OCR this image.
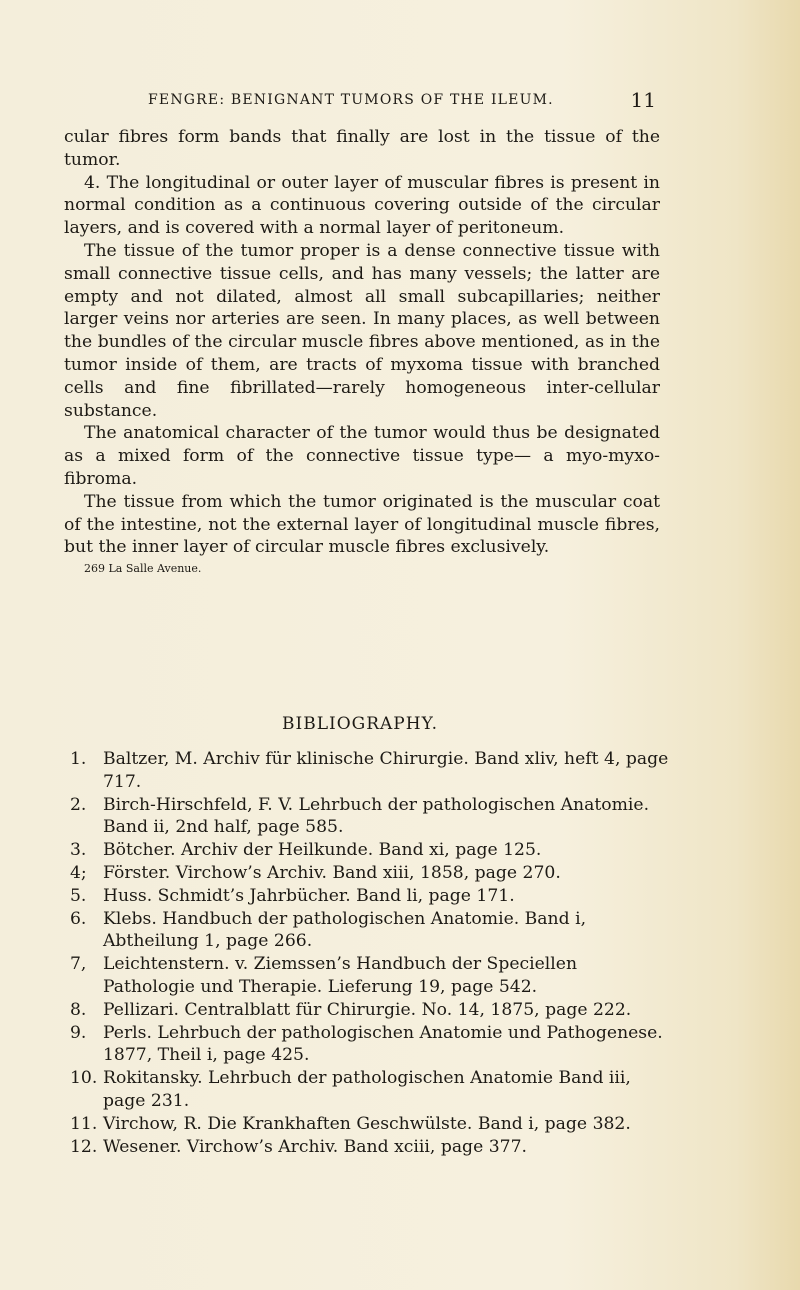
FENGRE: BENIGNANT TUMORS OF THE ILEUM.	11

cular fibres form bands that finally are lost in the tissue of the tumor.

4. The longitudinal or outer layer of muscular fibres is present in normal condition as a continuous covering outside of the circular layers, and is covered with a normal layer of peritoneum.

The tissue of the tumor proper is a dense connective tissue with small connective tissue cells, and has many vessels; the latter are empty and not dilated, almost all small subcapillaries; neither larger veins nor arteries are seen. In many places, as well between the bundles of the circular muscle fibres above mentioned, as in the tumor inside of them, are tracts of myxoma tissue with branched cells and fine fibrillated—rarely homogeneous inter-cellular substance.

The anatomical character of the tumor would thus be designated as a mixed form of the connective tissue type— a myo-myxo-fibroma.

The tissue from which the tumor originated is the muscular coat of the intestine, not the external layer of longitudinal muscle fibres, but the inner layer of circular muscle fibres exclusively.

269 La Salle Avenue.
BIBLIOGRAPHY.
1. Baltzer, M. Archiv für klinische Chirurgie. Band xliv, heft 4, page 717.
2. Birch-Hirschfeld, F. V. Lehrbuch der pathologischen Anatomie. Band ii, 2nd half, page 585.
3. Bötcher. Archiv der Heilkunde. Band xi, page 125.
4; Förster. Virchow’s Archiv. Band xiii, 1858, page 270.
5. Huss. Schmidt’s Jahrbücher. Band li, page 171.
6. Klebs. Handbuch der pathologischen Anatomie. Band i, Abtheilung 1, page 266.
7, Leichtenstern. v. Ziemssen’s Handbuch der Speciellen Pathologie und Therapie. Lieferung 19, page 542.
8. Pellizari. Centralblatt für Chirurgie. No. 14, 1875, page 222.
9. Perls. Lehrbuch der pathologischen Anatomie und Pathogenese. 1877, Theil i, page 425.
10. Rokitansky. Lehrbuch der pathologischen Anatomie Band iii, page 231.
11. Virchow, R. Die Krankhaften Geschwülste. Band i, page 382.
12. Wesener. Virchow’s Archiv. Band xciii, page 377.
